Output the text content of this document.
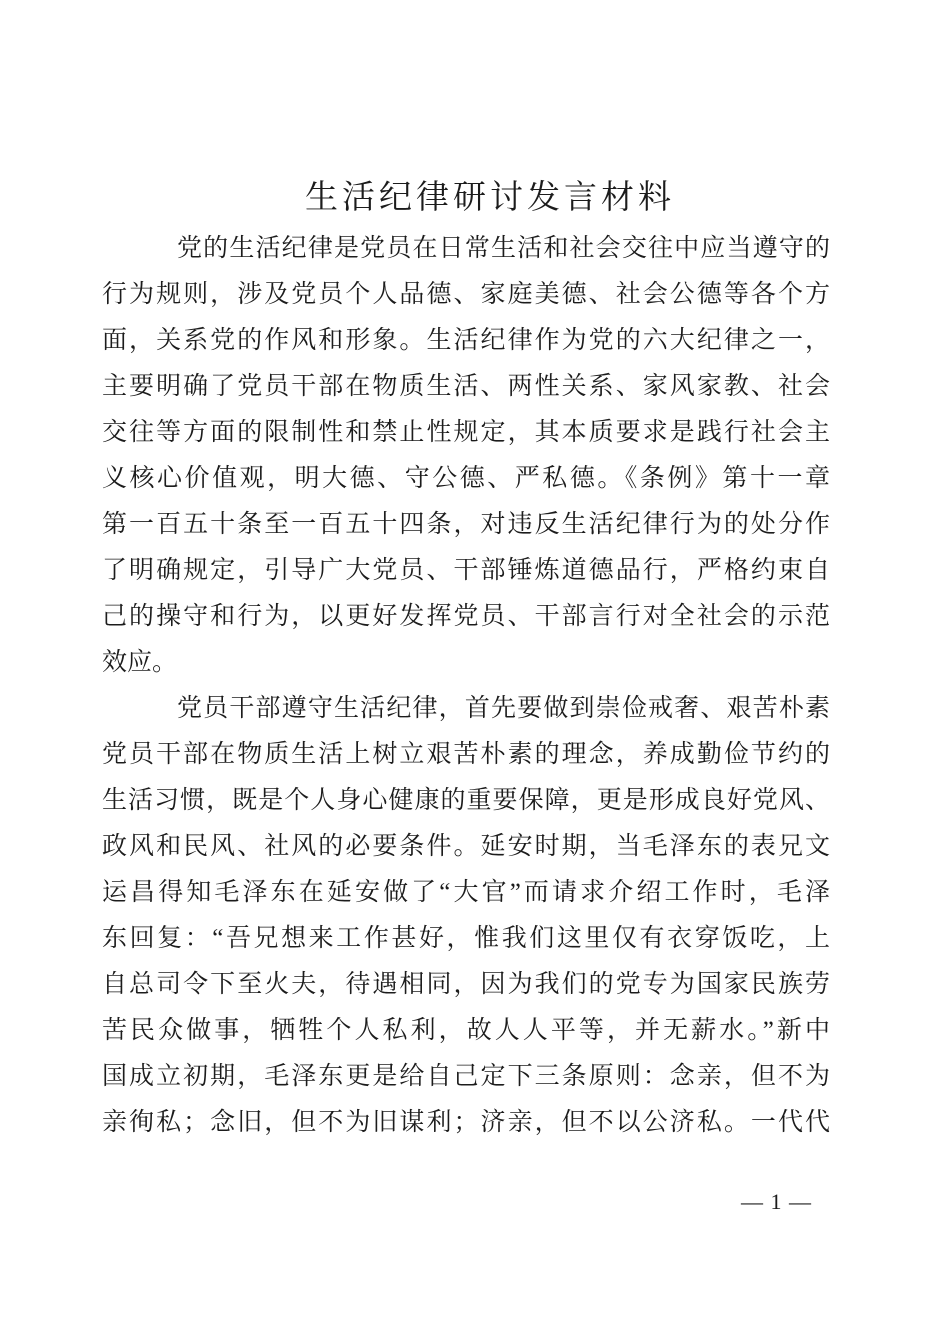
生活纪律研讨发言材料
党的生活纪律是党员在日常生活和社会交往中应当遵守的
行为规则，涉及党员个人品德、家庭美德、社会公德等各个方
面，关系党的作风和形象。生活纪律作为党的六大纪律之一，
主要明确了党员干部在物质生活、两性关系、家风家教、社会
交往等方面的限制性和禁止性规定，其本质要求是践行社会主
义核心价值观，明大德、守公德、严私德。《条例》第十一章
第一百五十条至一百五十四条，对违反生活纪律行为的处分作
了明确规定，引导广大党员、干部锤炼道德品行，严格约束自
己的操守和行为，以更好发挥党员、干部言行对全社会的示范
效应。
党员干部遵守生活纪律，首先要做到崇俭戒奢、艰苦朴素
党员干部在物质生活上树立艰苦朴素的理念，养成勤俭节约的
生活习惯，既是个人身心健康的重要保障，更是形成良好党风、
政风和民风、社风的必要条件。延安时期，当毛泽东的表兄文
运昌得知毛泽东在延安做了“大官”而请求介绍工作时，毛泽
东回复：“吾兄想来工作甚好，惟我们这里仅有衣穿饭吃，上
自总司令下至火夫，待遇相同，因为我们的党专为国家民族劳
苦民众做事，牺牲个人私利，故人人平等，并无薪水。”新中
国成立初期，毛泽东更是给自己定下三条原则：念亲，但不为
亲徇私；念旧，但不为旧谋利；济亲，但不以公济私。一代代
— 1 —
